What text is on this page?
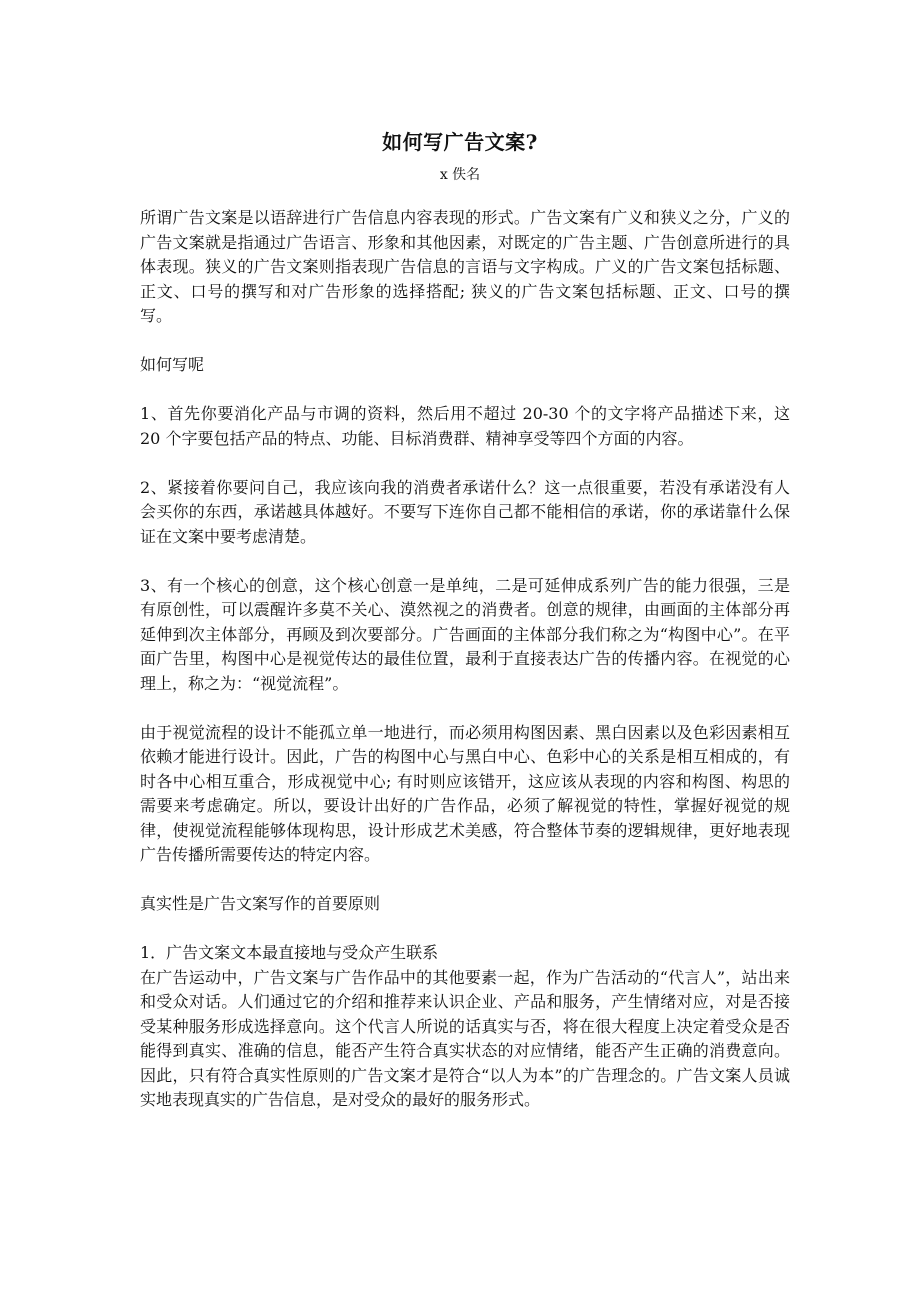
如何写广告文案?
x 佚名

所谓广告文案是以语辞进行广告信息内容表现的形式。广告文案有广义和狭义之分，广义的广告文案就是指通过广告语言、形象和其他因素，对既定的广告主题、广告创意所进行的具体表现。狭义的广告文案则指表现广告信息的言语与文字构成。广义的广告文案包括标题、正文、口号的撰写和对广告形象的选择搭配; 狭义的广告文案包括标题、正文、口号的撰写。

如何写呢

1、首先你要消化产品与市调的资料，然后用不超过 20-30 个的文字将产品描述下来，这 20 个字要包括产品的特点、功能、目标消费群、精神享受等四个方面的内容。

2、紧接着你要问自己，我应该向我的消费者承诺什么？这一点很重要，若没有承诺没有人会买你的东西，承诺越具体越好。不要写下连你自己都不能相信的承诺，你的承诺靠什么保证在文案中要考虑清楚。

3、有一个核心的创意，这个核心创意一是单纯，二是可延伸成系列广告的能力很强，三是有原创性，可以震醒许多莫不关心、漠然视之的消费者。创意的规律，由画面的主体部分再延伸到次主体部分，再顾及到次要部分。广告画面的主体部分我们称之为“构图中心”。在平面广告里，构图中心是视觉传达的最佳位置，最利于直接表达广告的传播内容。在视觉的心理上，称之为：“视觉流程”。

由于视觉流程的设计不能孤立单一地进行，而必须用构图因素、黑白因素以及色彩因素相互依赖才能进行设计。因此，广告的构图中心与黑白中心、色彩中心的关系是相互相成的，有时各中心相互重合，形成视觉中心; 有时则应该错开，这应该从表现的内容和构图、构思的需要来考虑确定。所以，要设计出好的广告作品，必须了解视觉的特性，掌握好视觉的规律，使视觉流程能够体现构思，设计形成艺术美感，符合整体节奏的逻辑规律，更好地表现广告传播所需要传达的特定内容。

真实性是广告文案写作的首要原则

1．广告文案文本最直接地与受众产生联系

在广告运动中，广告文案与广告作品中的其他要素一起，作为广告活动的“代言人”，站出来和受众对话。人们通过它的介绍和推荐来认识企业、产品和服务，产生情绪对应，对是否接受某种服务形成选择意向。这个代言人所说的话真实与否，将在很大程度上决定着受众是否能得到真实、准确的信息，能否产生符合真实状态的对应情绪，能否产生正确的消费意向。因此，只有符合真实性原则的广告文案才是符合“以人为本”的广告理念的。广告文案人员诚实地表现真实的广告信息，是对受众的最好的服务形式。
